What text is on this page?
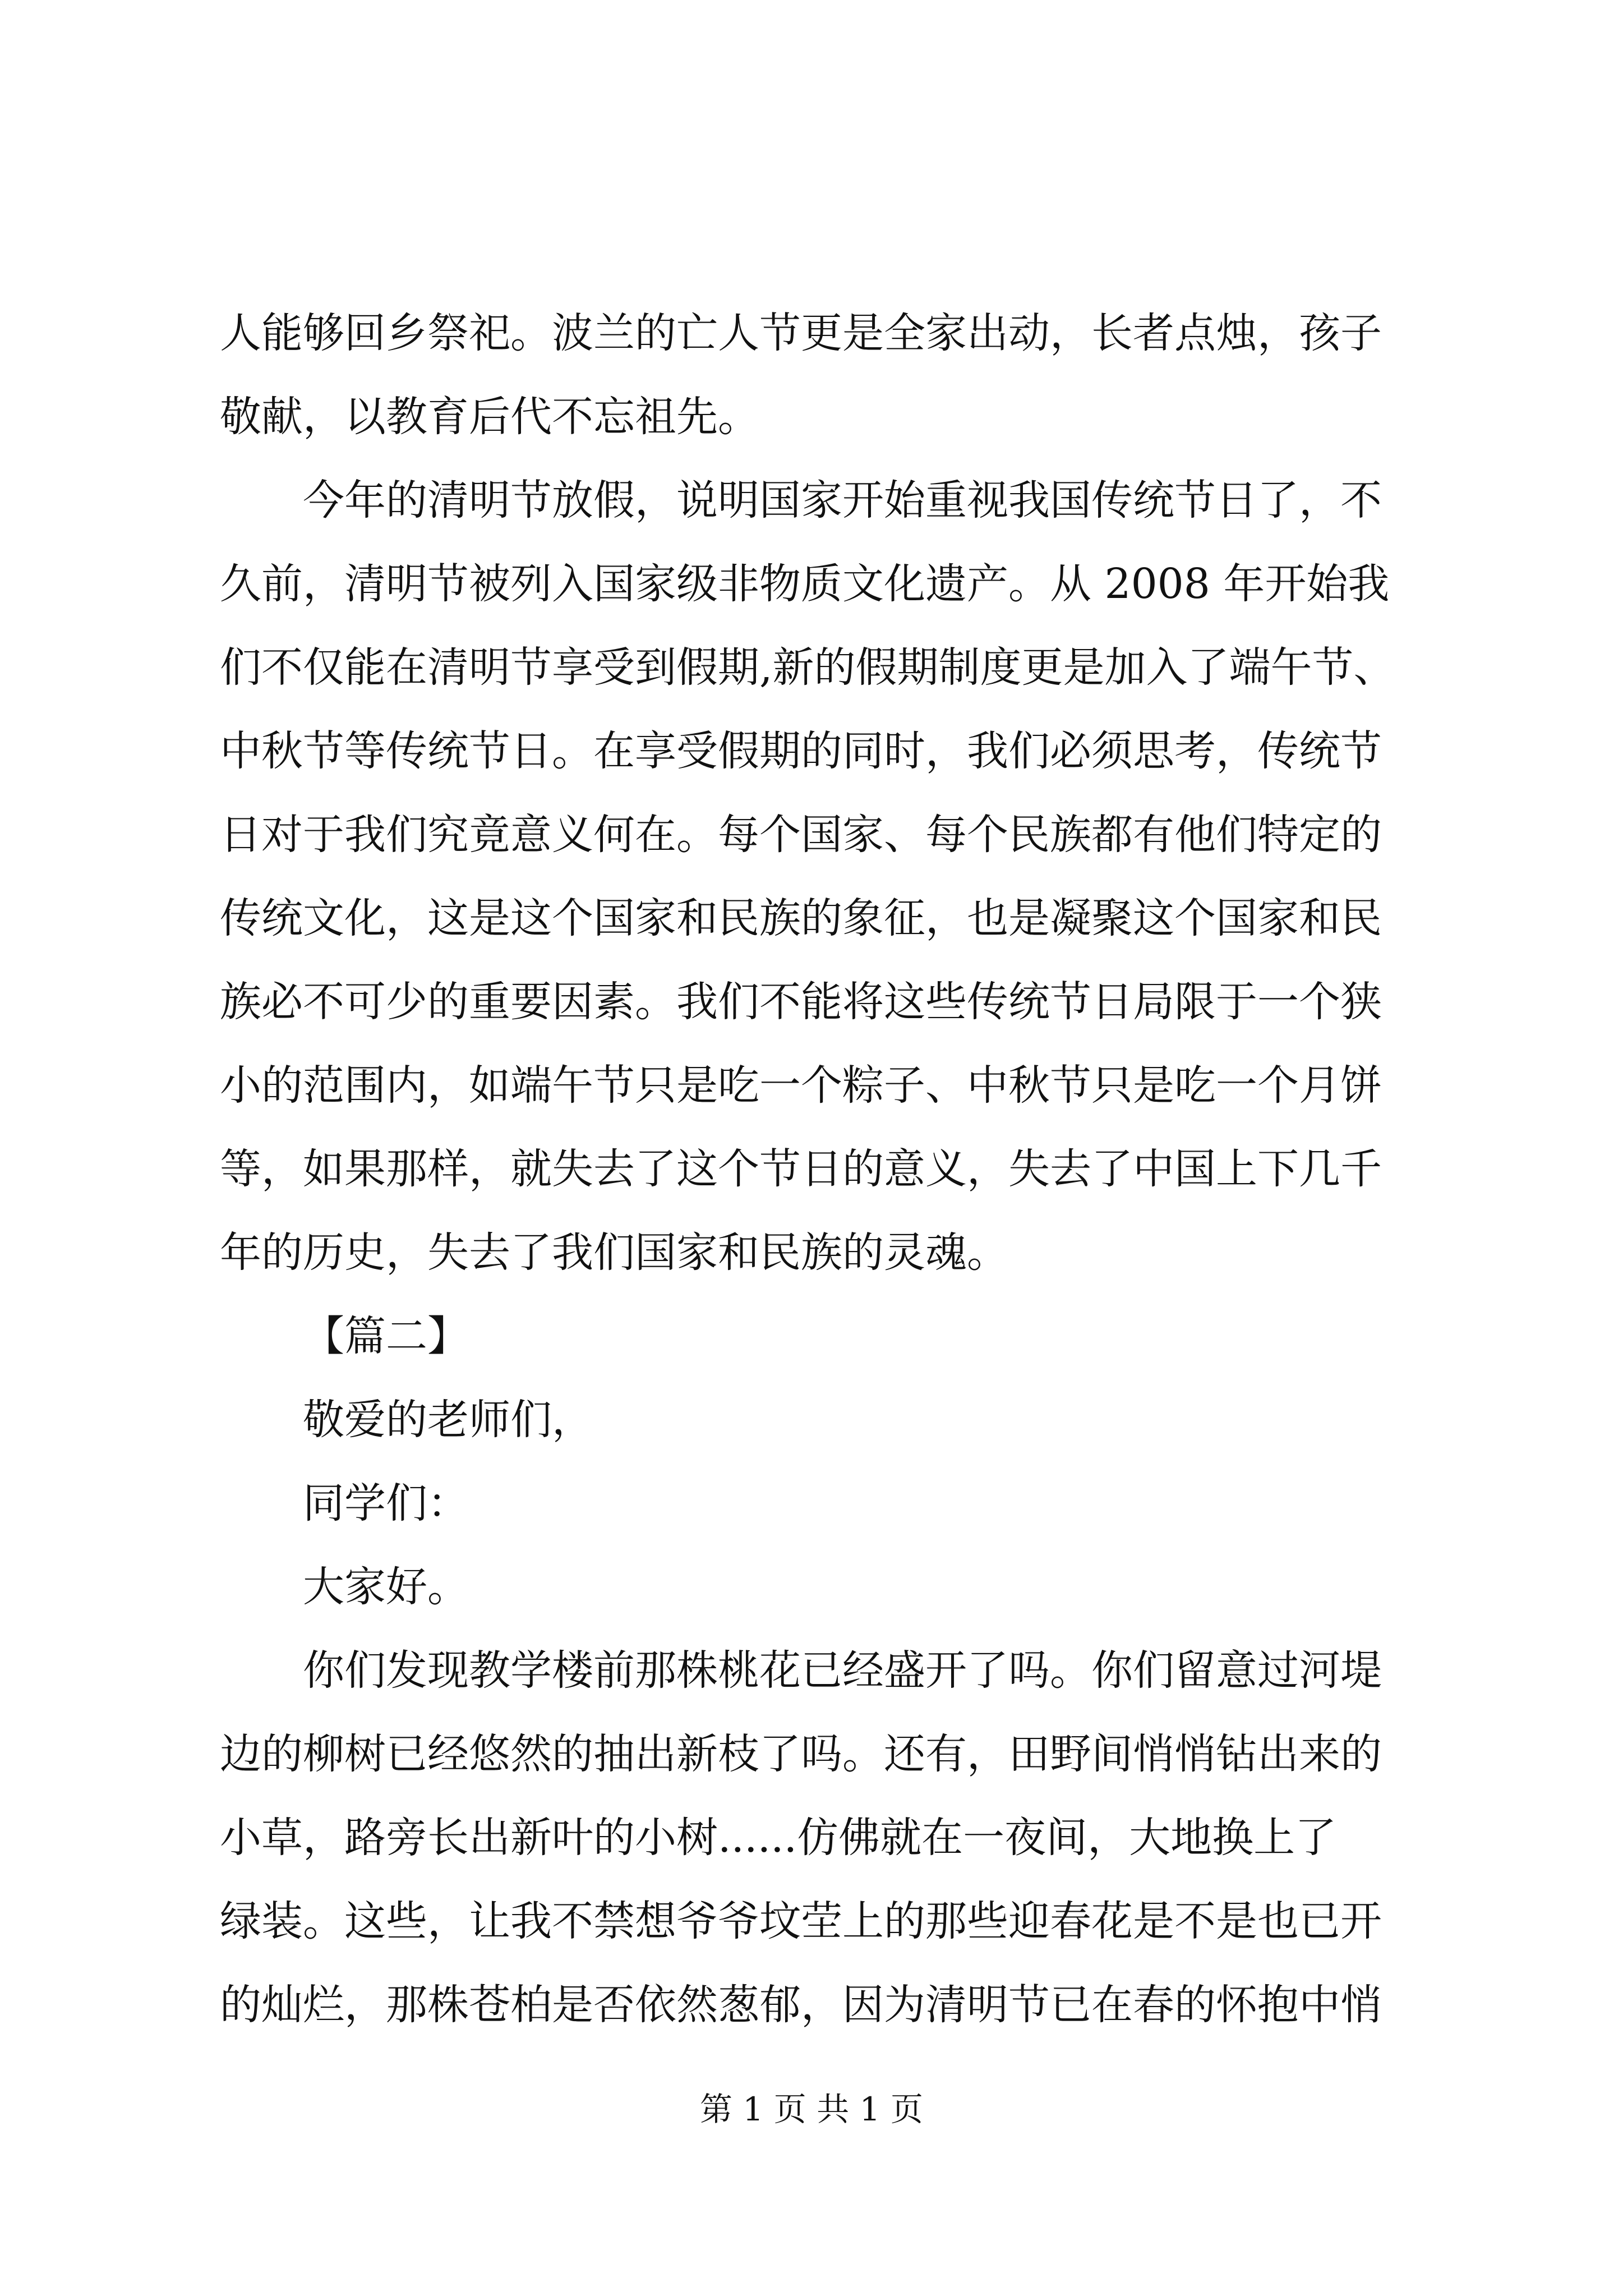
人能够回乡祭祀。波兰的亡人节更是全家出动，长者点烛，孩子
敬献，以教育后代不忘祖先。
今年的清明节放假，说明国家开始重视我国传统节日了，不
久前，清明节被列入国家级非物质文化遗产。从 2008 年开始我
们不仅能在清明节享受到假期,新的假期制度更是加入了端午节、
中秋节等传统节日。在享受假期的同时，我们必须思考，传统节
日对于我们究竟意义何在。每个国家、每个民族都有他们特定的
传统文化，这是这个国家和民族的象征，也是凝聚这个国家和民
族必不可少的重要因素。我们不能将这些传统节日局限于一个狭
小的范围内，如端午节只是吃一个粽子、中秋节只是吃一个月饼
等，如果那样，就失去了这个节日的意义，失去了中国上下几千
年的历史，失去了我们国家和民族的灵魂。
【篇二】
敬爱的老师们，
同学们：
大家好。
你们发现教学楼前那株桃花已经盛开了吗。你们留意过河堤
边的柳树已经悠然的抽出新枝了吗。还有，田野间悄悄钻出来的
小草，路旁长出新叶的小树......仿佛就在一夜间，大地换上了
绿装。这些，让我不禁想爷爷坟茔上的那些迎春花是不是也已开
的灿烂，那株苍柏是否依然葱郁，因为清明节已在春的怀抱中悄
第 1 页 共 1 页
